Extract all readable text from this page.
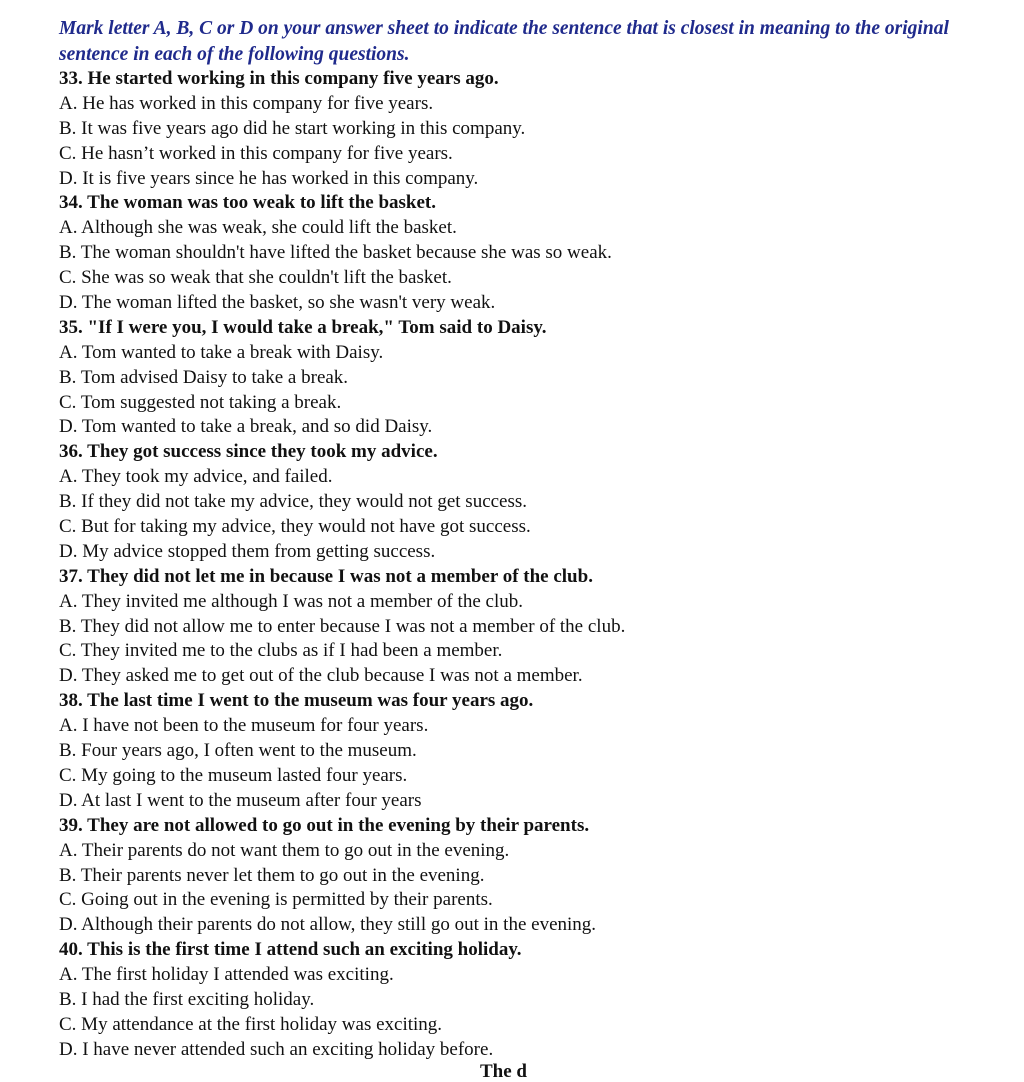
Mark letter A, B, C or D on your answer sheet to indicate the sentence that is closest in meaning to the original sentence in each of the following questions.
33. He started working in this company five years ago.
A. He has worked in this company for five years.
B. It was five years ago did he start working in this company.
C. He hasn’t worked in this company for five years.
D. It is five years since he has worked in this company.
34. The woman was too weak to lift the basket.
A. Although she was weak, she could lift the basket.
B. The woman shouldn't have lifted the basket because she was so weak.
C. She was so weak that she couldn't lift the basket.
D. The woman lifted the basket, so she wasn't very weak.
35. "If I were you, I would take a break," Tom said to Daisy.
A. Tom wanted to take a break with Daisy.
B. Tom advised Daisy to take a break.
C. Tom suggested not taking a break.
D. Tom wanted to take a break, and so did Daisy.
36. They got success since they took my advice.
A. They took my advice, and failed.
B. If they did not take my advice, they would not get success.
C. But for taking my advice, they would not have got success.
D. My advice stopped them from getting success.
37. They did not let me in because I was not a member of the club.
A. They invited me although I was not a member of the club.
B. They did not allow me to enter because I was not a member of the club.
C. They invited me to the clubs as if I had been a member.
D. They asked me to get out of the club because I was not a member.
38. The last time I went to the museum was four years ago.
A. I have not been to the museum for four years.
B. Four years ago, I often went to the museum.
C. My going to the museum lasted four years.
D. At last I went to the museum after four years
39. They are not allowed to go out in the evening by their parents.
A. Their parents do not want them to go out in the evening.
B. Their parents never let them to go out in the evening.
C. Going out in the evening is permitted by their parents.
D. Although their parents do not allow, they still go out in the evening.
40. This is the first time I attend such an exciting holiday.
A. The first holiday I attended was exciting.
B. I had the first exciting holiday.
C. My attendance at the first holiday was exciting.
D. I have never attended such an exciting holiday before.
The d
